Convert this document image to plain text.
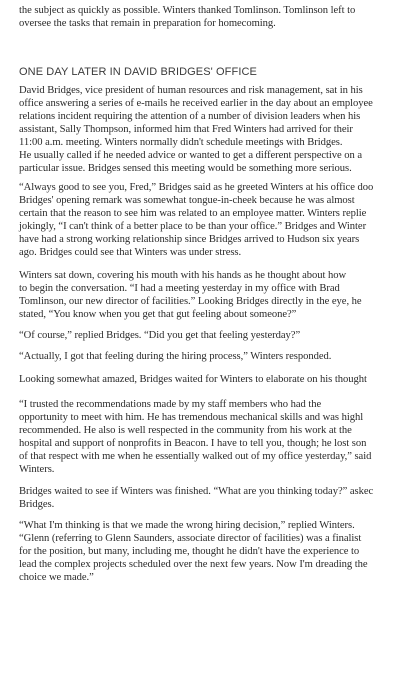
the subject as quickly as possible. Winters thanked Tomlinson. Tomlinson left to
oversee the tasks that remain in preparation for homecoming.
ONE DAY LATER IN DAVID BRIDGES' OFFICE
David Bridges, vice president of human resources and risk management, sat in his
office answering a series of e-mails he received earlier in the day about an employee
relations incident requiring the attention of a number of division leaders when his
assistant, Sally Thompson, informed him that Fred Winters had arrived for their
11:00 a.m. meeting. Winters normally didn't schedule meetings with Bridges.
He usually called if he needed advice or wanted to get a different perspective on a
particular issue. Bridges sensed this meeting would be something more serious.
“Always good to see you, Fred,” Bridges said as he greeted Winters at his office doo
Bridges' opening remark was somewhat tongue-in-cheek because he was almost
certain that the reason to see him was related to an employee matter. Winters replie
jokingly, “I can't think of a better place to be than your office.” Bridges and Winter
have had a strong working relationship since Bridges arrived to Hudson six years
ago. Bridges could see that Winters was under stress.
Winters sat down, covering his mouth with his hands as he thought about how
to begin the conversation. “I had a meeting yesterday in my office with Brad
Tomlinson, our new director of facilities.” Looking Bridges directly in the eye, he
stated, “You know when you get that gut feeling about someone?”
“Of course,” replied Bridges. “Did you get that feeling yesterday?”
“Actually, I got that feeling during the hiring process,” Winters responded.
Looking somewhat amazed, Bridges waited for Winters to elaborate on his thought
“I trusted the recommendations made by my staff members who had the
opportunity to meet with him. He has tremendous mechanical skills and was highl
recommended. He also is well respected in the community from his work at the
hospital and support of nonprofits in Beacon. I have to tell you, though; he lost son
of that respect with me when he essentially walked out of my office yesterday,” said
Winters.
Bridges waited to see if Winters was finished. “What are you thinking today?” askec
Bridges.
“What I'm thinking is that we made the wrong hiring decision,” replied Winters.
“Glenn (referring to Glenn Saunders, associate director of facilities) was a finalist
for the position, but many, including me, thought he didn't have the experience to
lead the complex projects scheduled over the next few years. Now I'm dreading the
choice we made.”
